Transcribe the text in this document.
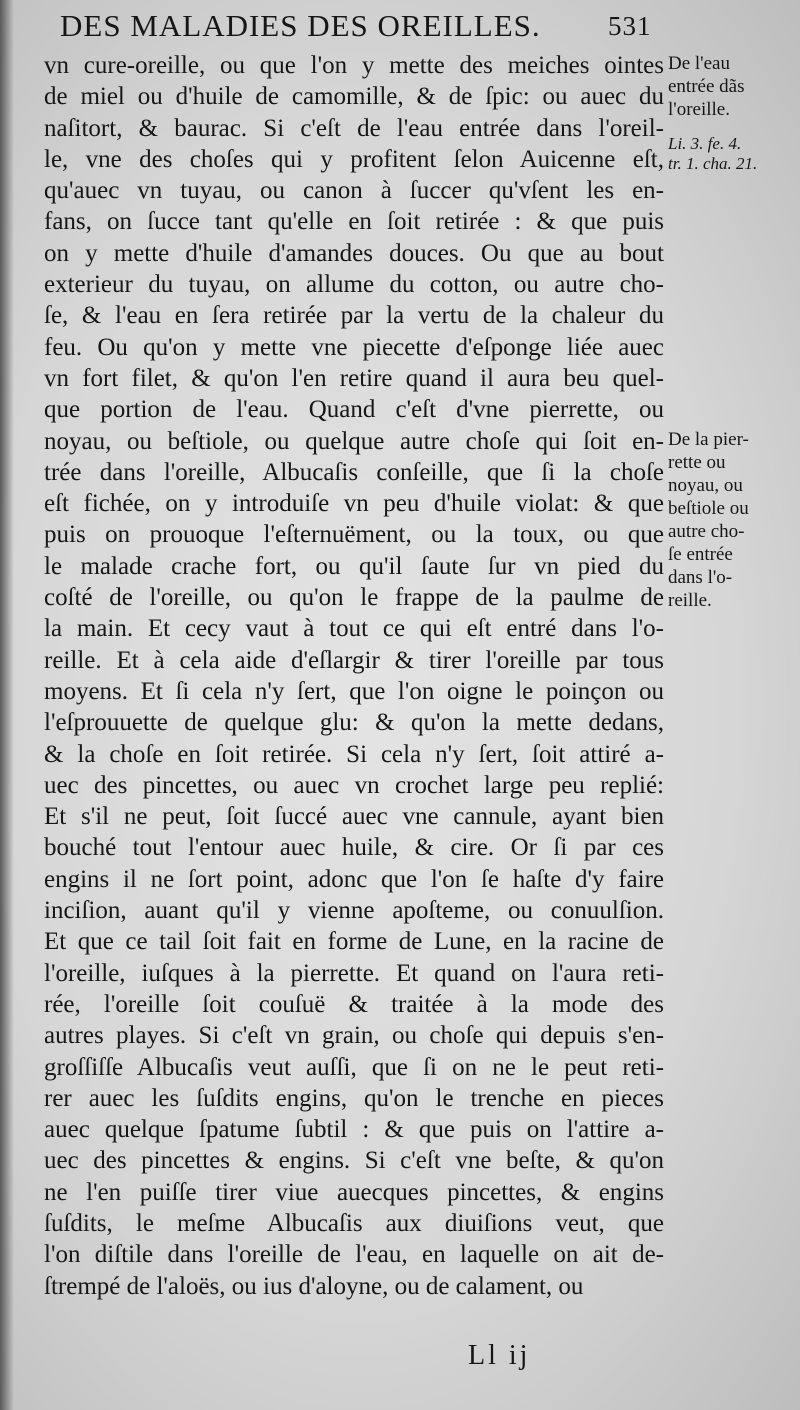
DES MALADIES DES OREILLES. 531
vn cure-oreille, ou que l'on y mette des meiches ointes
de miel ou d'huile de camomille, & de ſpic: ou auec du
naſitort, & baurac. Si c'eſt de l'eau entrée dans l'oreil-
le, vne des choſes qui y profitent ſelon Auicenne eſt,
qu'auec vn tuyau, ou canon à ſuccer qu'vſent les en-
fans, on ſucce tant qu'elle en ſoit retirée : & que puis
on y mette d'huile d'amandes douces. Ou que au bout
exterieur du tuyau, on allume du cotton, ou autre cho-
ſe, & l'eau en ſera retirée par la vertu de la chaleur du
feu. Ou qu'on y mette vne piecette d'eſponge liée auec
vn fort filet, & qu'on l'en retire quand il aura beu quel-
que portion de l'eau. Quand c'eſt d'vne pierrette, ou
noyau, ou beſtiole, ou quelque autre choſe qui ſoit en-
trée dans l'oreille, Albucaſis conſeille, que ſi la choſe
eſt fichée, on y introduiſe vn peu d'huile violat: & que
puis on prouoque l'eſternuëment, ou la toux, ou que
le malade crache fort, ou qu'il ſaute ſur vn pied du
coſté de l'oreille, ou qu'on le frappe de la paulme de
la main. Et cecy vaut à tout ce qui eſt entré dans l'o-
reille. Et à cela aide d'eſlargir & tirer l'oreille par tous
moyens. Et ſi cela n'y ſert, que l'on oigne le poinçon ou
l'eſprouuette de quelque glu: & qu'on la mette dedans,
& la choſe en ſoit retirée. Si cela n'y ſert, ſoit attiré a-
uec des pincettes, ou auec vn crochet large peu replié:
Et s'il ne peut, ſoit ſuccé auec vne cannule, ayant bien
bouché tout l'entour auec huile, & cire. Or ſi par ces
engins il ne ſort point, adonc que l'on ſe haſte d'y faire
inciſion, auant qu'il y vienne apoſteme, ou conuulſion.
Et que ce tail ſoit fait en forme de Lune, en la racine de
l'oreille, iuſques à la pierrette. Et quand on l'aura reti-
rée, l'oreille ſoit couſuë & traitée à la mode des
autres playes. Si c'eſt vn grain, ou choſe qui depuis s'en-
groſſiſſe Albucaſis veut auſſi, que ſi on ne le peut reti-
rer auec les ſuſdits engins, qu'on le trenche en pieces
auec quelque ſpatume ſubtil : & que puis on l'attire a-
uec des pincettes & engins. Si c'eſt vne beſte, & qu'on
ne l'en puiſſe tirer viue auecques pincettes, & engins
ſuſdits, le meſme Albucaſis aux diuiſions veut, que
l'on diſtile dans l'oreille de l'eau, en laquelle on ait de-
ſtrempé de l'aloës, ou ius d'aloyne, ou de calament, ou
De l'eau
entrée dãs
l'oreille.
Li. 3. fe. 4.
tr. 1. cha. 21.
De la pier-
rette ou
noyau, ou
beſtiole ou
autre cho-
ſe entrée
dans l'o-
reille.
Ll ij
